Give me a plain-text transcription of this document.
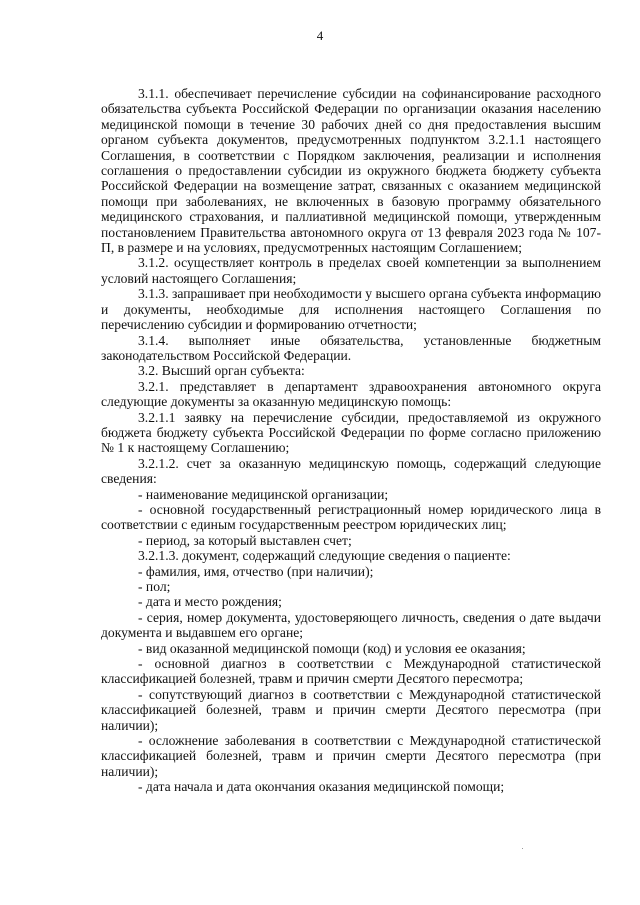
4

3.1.1. обеспечивает перечисление субсидии на софинансирование расходного обязательства субъекта Российской Федерации по организации оказания населению медицинской помощи в течение 30 рабочих дней со дня предоставления высшим органом субъекта документов, предусмотренных подпунктом 3.2.1.1 настоящего Соглашения, в соответствии с Порядком заключения, реализации и исполнения соглашения о предоставлении субсидии из окружного бюджета бюджету субъекта Российской Федерации на возмещение затрат, связанных с оказанием медицинской помощи при заболеваниях, не включенных в базовую программу обязательного медицинского страхования, и паллиативной медицинской помощи, утвержденным постановлением Правительства автономного округа от 13 февраля 2023 года № 107-П, в размере и на условиях, предусмотренных настоящим Соглашением;

3.1.2. осуществляет контроль в пределах своей компетенции за выполнением условий настоящего Соглашения;

3.1.3. запрашивает при необходимости у высшего органа субъекта информацию и документы, необходимые для исполнения настоящего Соглашения по перечислению субсидии и формированию отчетности;

3.1.4. выполняет иные обязательства, установленные бюджетным законодательством Российской Федерации.

3.2. Высший орган субъекта:

3.2.1. представляет в департамент здравоохранения автономного округа следующие документы за оказанную медицинскую помощь:

3.2.1.1 заявку на перечисление субсидии, предоставляемой из окружного бюджета бюджету субъекта Российской Федерации по форме согласно приложению № 1 к настоящему Соглашению;

3.2.1.2. счет за оказанную медицинскую помощь, содержащий следующие сведения:

- наименование медицинской организации;

- основной государственный регистрационный номер юридического лица в соответствии с единым государственным реестром юридических лиц;

- период, за который выставлен счет;

3.2.1.3. документ, содержащий следующие сведения о пациенте:

- фамилия, имя, отчество (при наличии);

- пол;

- дата и место рождения;

- серия, номер документа, удостоверяющего личность, сведения о дате выдачи документа и выдавшем его органе;

- вид оказанной медицинской помощи (код) и условия ее оказания;

- основной диагноз в соответствии с Международной статистической классификацией болезней, травм и причин смерти Десятого пересмотра;

- сопутствующий диагноз в соответствии с Международной статистической классификацией болезней, травм и причин смерти Десятого пересмотра (при наличии);

- осложнение заболевания в соответствии с Международной статистической классификацией болезней, травм и причин смерти Десятого пересмотра (при наличии);

- дата начала и дата окончания оказания медицинской помощи;
